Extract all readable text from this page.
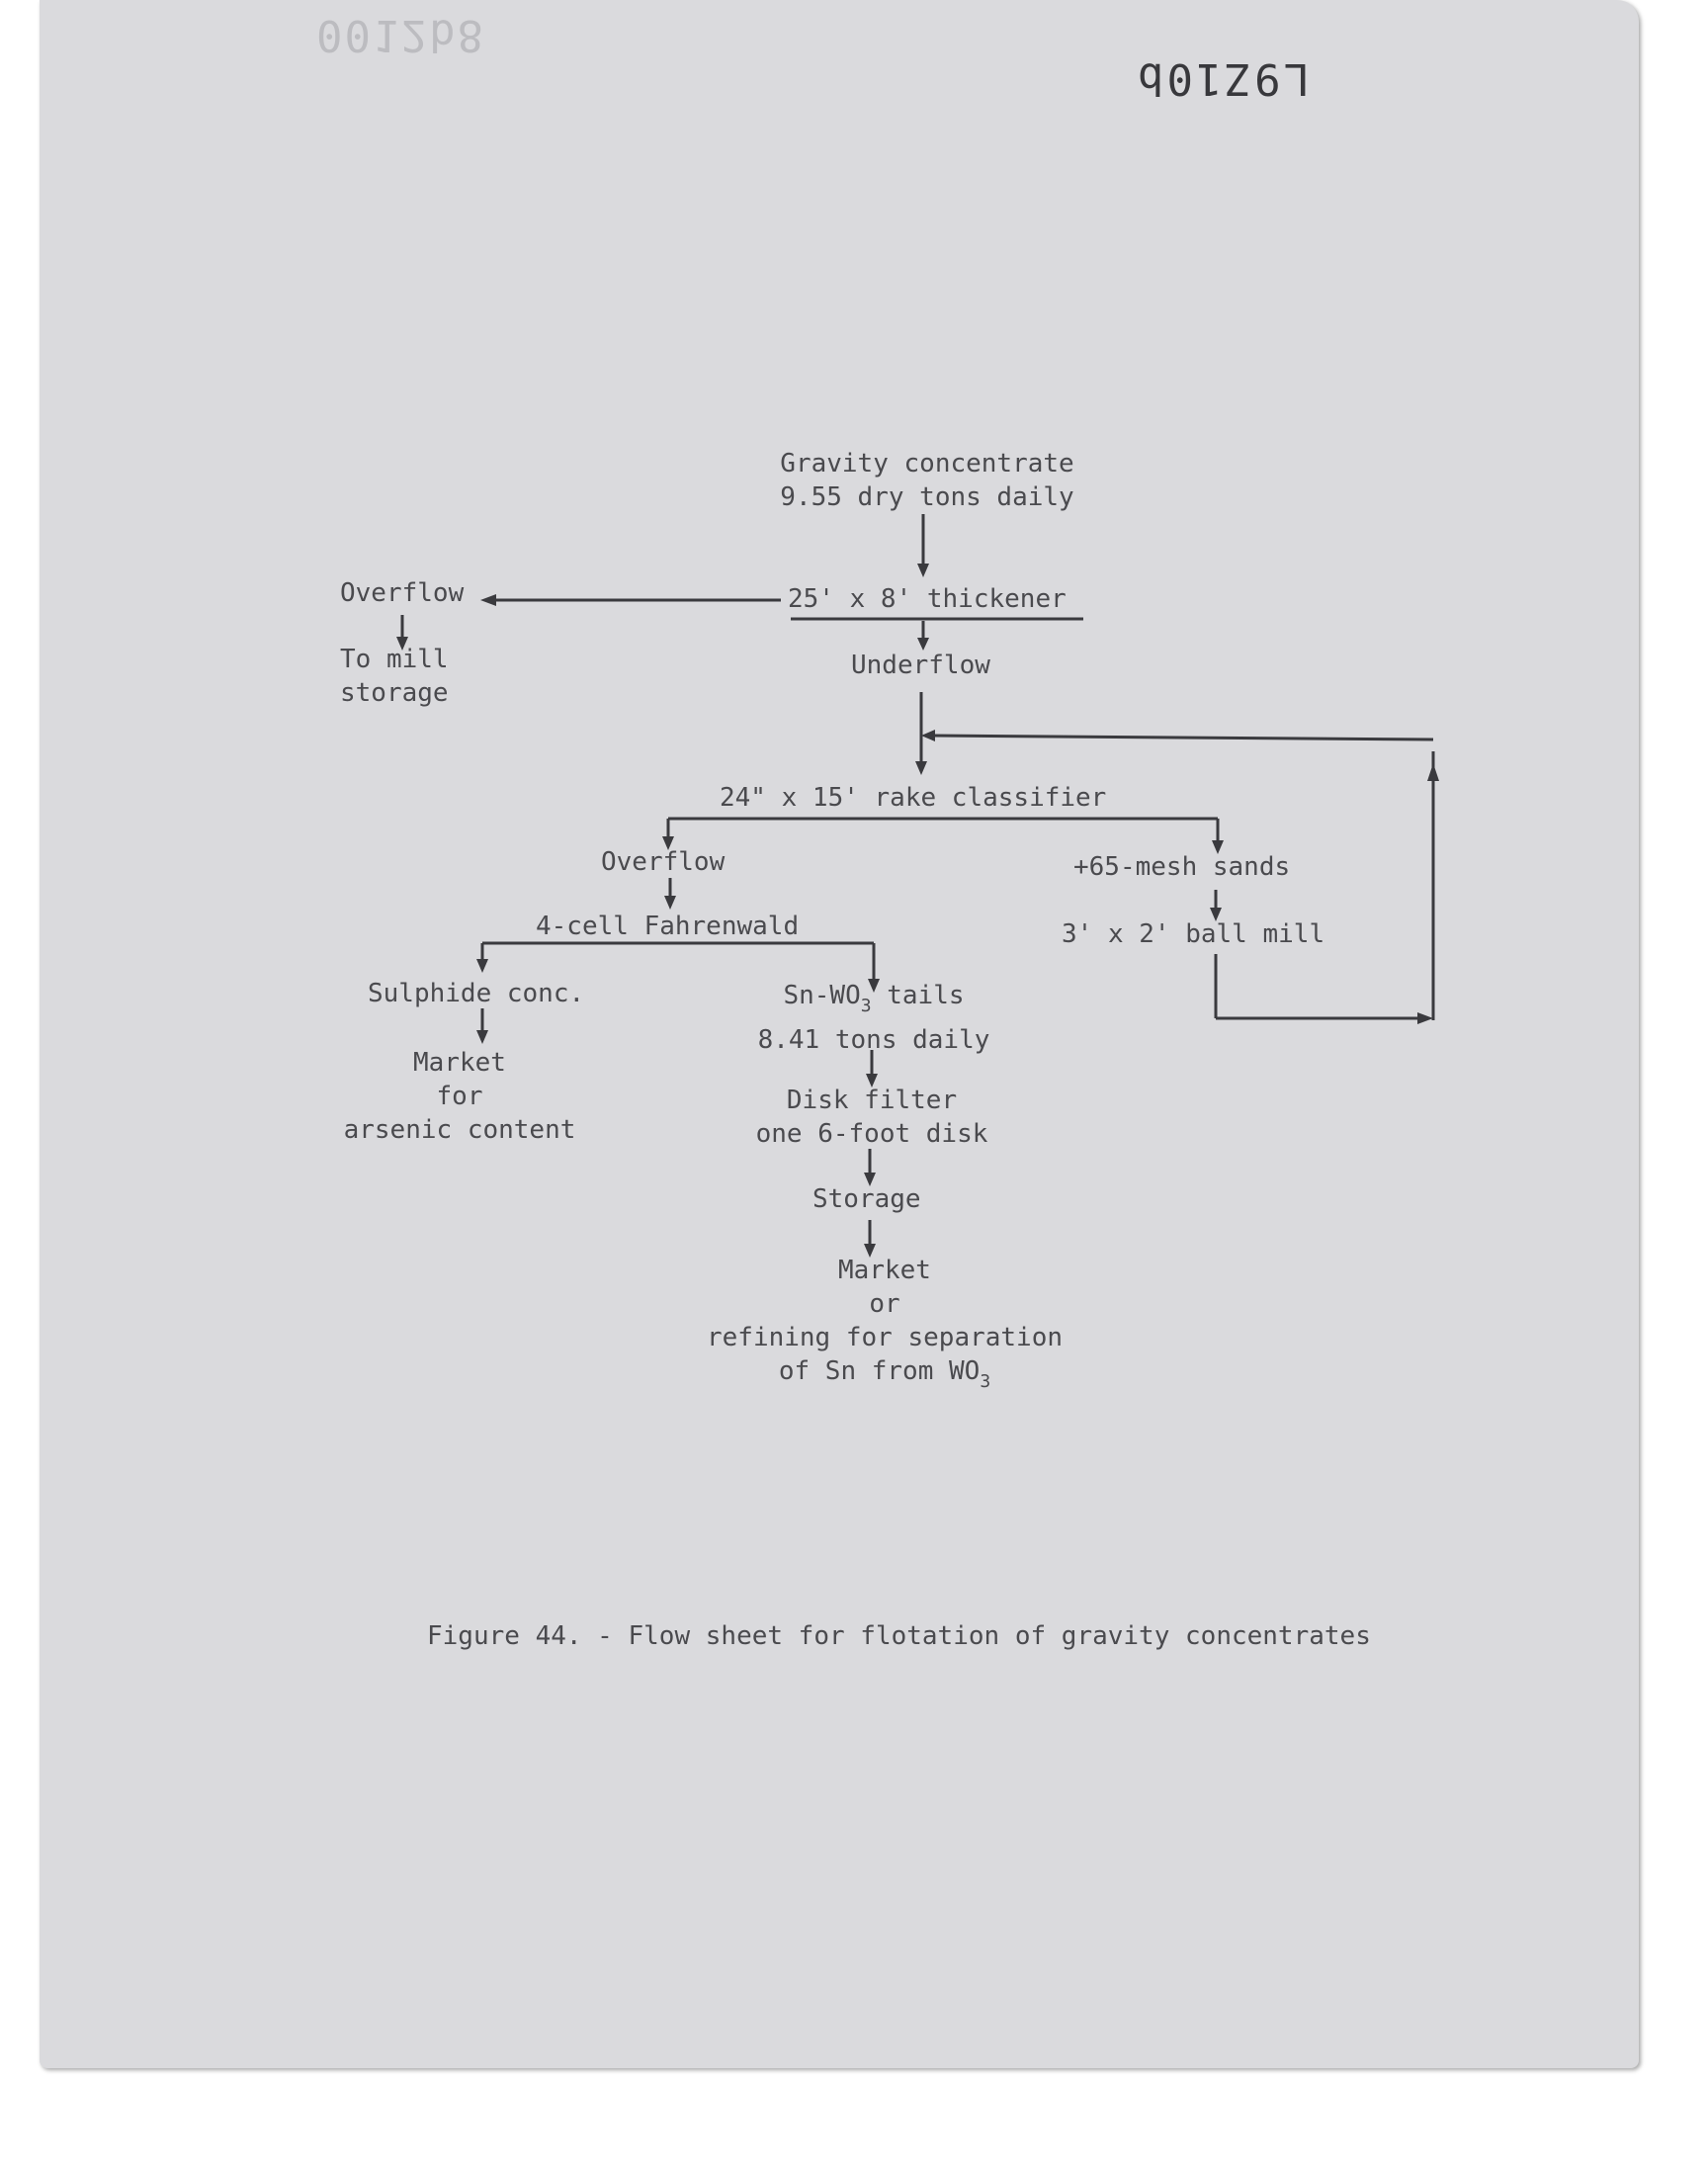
0012b8
L9Z10b
Gravity concentrate
9.55 dry tons daily
25' x 8' thickener
Overflow
To mill
storage
Underflow
24" x 15' rake classifier
Overflow	+65-mesh sands
3' x 2' ball mill
4-cell Fahrenwald
Sulphide conc.
Market
for
arsenic content
$Sn-WO_3$ tails
8.41 tons daily
Disk filter
one 6-foot disk
Storage
Market
or
refining for separation
of Sn from $WO_3$
Figure 44. - Flow sheet for flotation of gravity concentrates
